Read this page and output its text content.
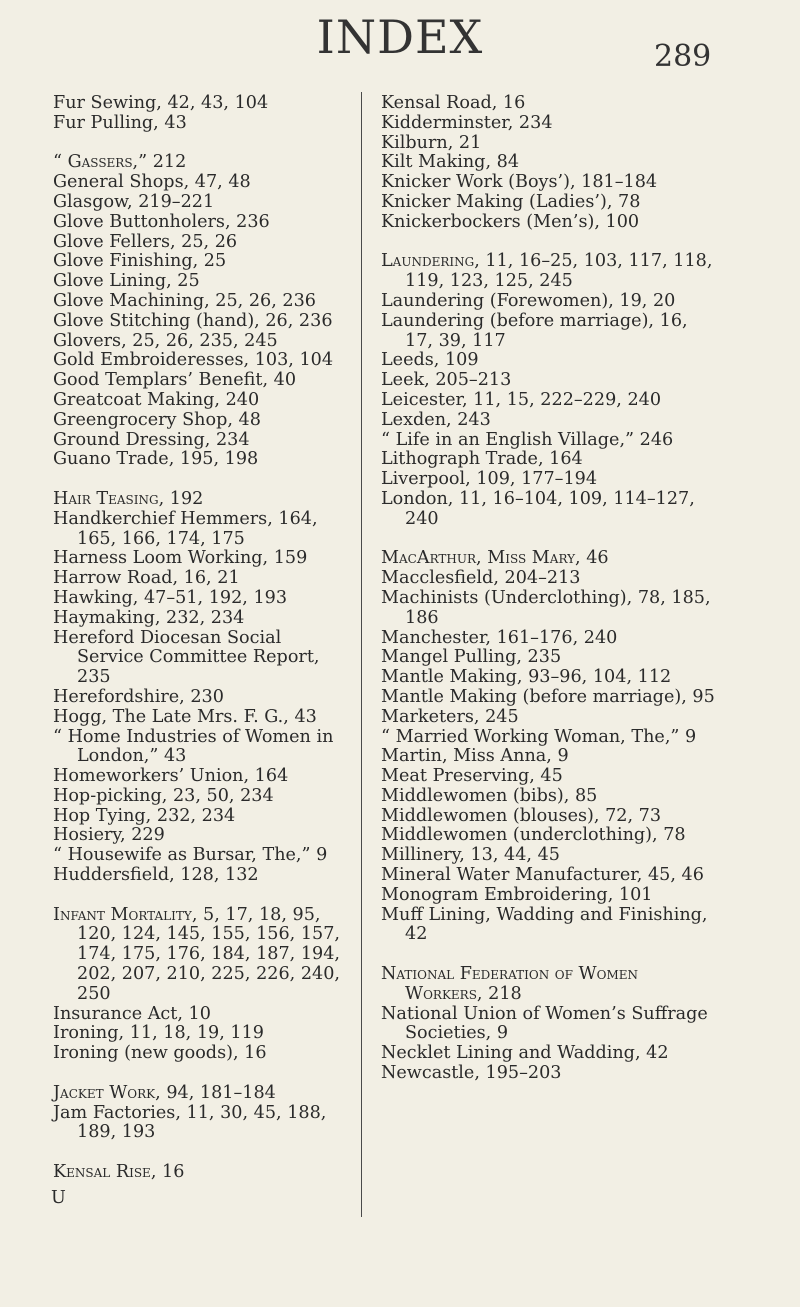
INDEX	289

Fur Sewing, 42, 43, 104

Fur Pulling, 43

“ Gassers,” 212

General Shops, 47, 48

Glasgow, 219–221

Glove Buttonholers, 236

Glove Fellers, 25, 26

Glove Finishing, 25

Glove Lining, 25

Glove Machining, 25, 26, 236

Glove Stitching (hand), 26, 236

Glovers, 25, 26, 235, 245

Gold Embroideresses, 103, 104

Good Templars’ Benefit, 40

Greatcoat Making, 240

Greengrocery Shop, 48

Ground Dressing, 234

Guano Trade, 195, 198

Hair Teasing, 192

Handkerchief Hemmers, 164, 165, 166, 174, 175

Harness Loom Working, 159

Harrow Road, 16, 21

Hawking, 47–51, 192, 193

Haymaking, 232, 234

Hereford Diocesan Social Service Committee Report, 235

Herefordshire, 230

Hogg, The Late Mrs. F. G., 43

“ Home Industries of Women in London,” 43

Homeworkers’ Union, 164

Hop-picking, 23, 50, 234

Hop Tying, 232, 234

Hosiery, 229

“ Housewife as Bursar, The,” 9

Huddersfield, 128, 132

Infant Mortality, 5, 17, 18, 95, 120, 124, 145, 155, 156, 157, 174, 175, 176, 184, 187, 194, 202, 207, 210, 225, 226, 240, 250

Insurance Act, 10

Ironing, 11, 18, 19, 119

Ironing (new goods), 16

Jacket Work, 94, 181–184

Jam Factories, 11, 30, 45, 188, 189, 193

Kensal Rise, 16

Kensal Road, 16

Kidderminster, 234

Kilburn, 21

Kilt Making, 84

Knicker Work (Boys’), 181–184

Knicker Making (Ladies’), 78

Knickerbockers (Men’s), 100

Laundering, 11, 16–25, 103, 117, 118, 119, 123, 125, 245

Laundering (Forewomen), 19, 20

Laundering (before marriage), 16, 17, 39, 117

Leeds, 109

Leek, 205–213

Leicester, 11, 15, 222–229, 240

Lexden, 243

“ Life in an English Village,” 246

Lithograph Trade, 164

Liverpool, 109, 177–194

London, 11, 16–104, 109, 114–127, 240

MacArthur, Miss Mary, 46

Macclesfield, 204–213

Machinists (Underclothing), 78, 185, 186

Manchester, 161–176, 240

Mangel Pulling, 235

Mantle Making, 93–96, 104, 112

Mantle Making (before marriage), 95

Marketers, 245

“ Married Working Woman, The,” 9

Martin, Miss Anna, 9

Meat Preserving, 45

Middlewomen (bibs), 85

Middlewomen (blouses), 72, 73

Middlewomen (underclothing), 78

Millinery, 13, 44, 45

Mineral Water Manufacturer, 45, 46

Monogram Embroidering, 101

Muff Lining, Wadding and Finishing, 42

National Federation of Women Workers, 218

National Union of Women’s Suffrage Societies, 9

Necklet Lining and Wadding, 42

Newcastle, 195–203

U
